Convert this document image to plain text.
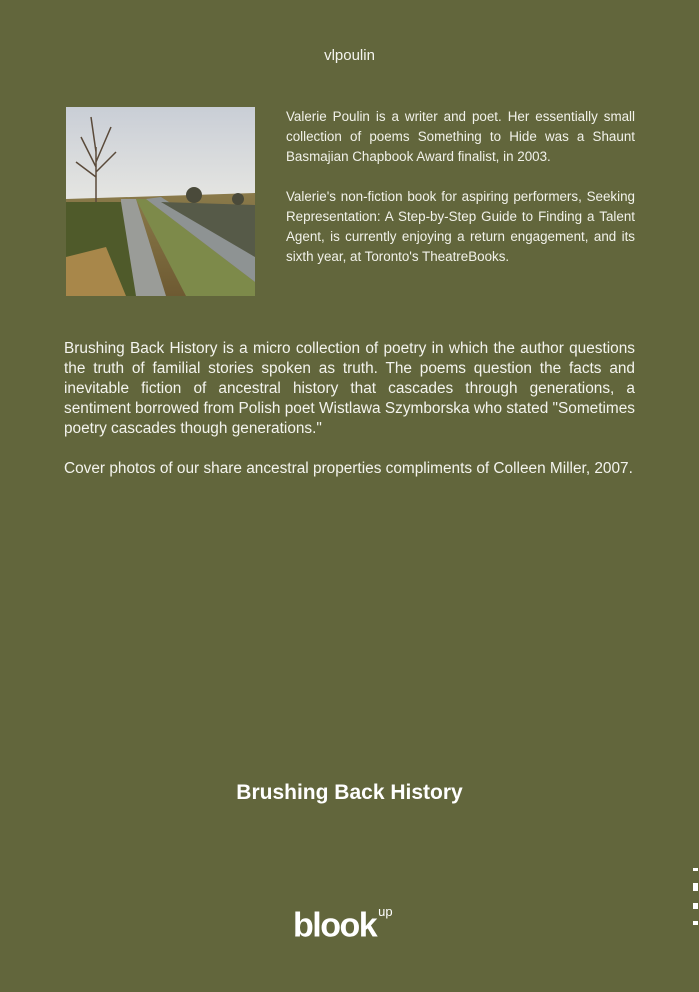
vlpoulin

Valerie Poulin is a writer and poet. Her essentially small collection of poems Something to Hide was a Shaunt Basmajian Chapbook Award finalist, in 2003.

Valerie's non-fiction book for aspiring performers, Seeking Representation: A Step-by-Step Guide to Finding a Talent Agent, is currently enjoying a return engagement, and its sixth year, at Toronto's TheatreBooks.

Brushing Back History is a micro collection of poetry in which the author questions the truth of familial stories spoken as truth. The poems question the facts and inevitable fiction of ancestral history that cascades through generations, a sentiment borrowed from Polish poet Wistlawa Szymborska who stated "Sometimes poetry cascades though generations."

Cover photos of our share ancestral properties compliments of Colleen Miller, 2007.

Brushing Back History
blook $^{up}$
